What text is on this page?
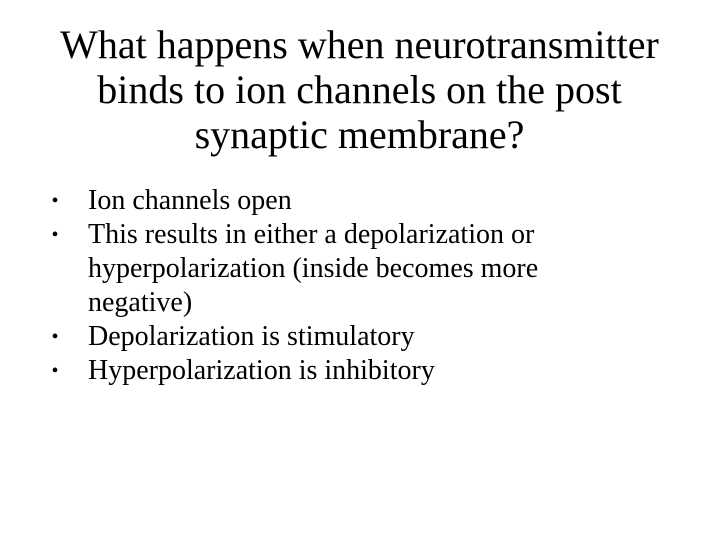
What happens when neurotransmitter
binds to ion channels on the post
synaptic membrane?
• Ion channels open
• This results in either a depolarization or
hyperpolarization (inside becomes more
negative)
• Depolarization is stimulatory
• Hyperpolarization is inhibitory
